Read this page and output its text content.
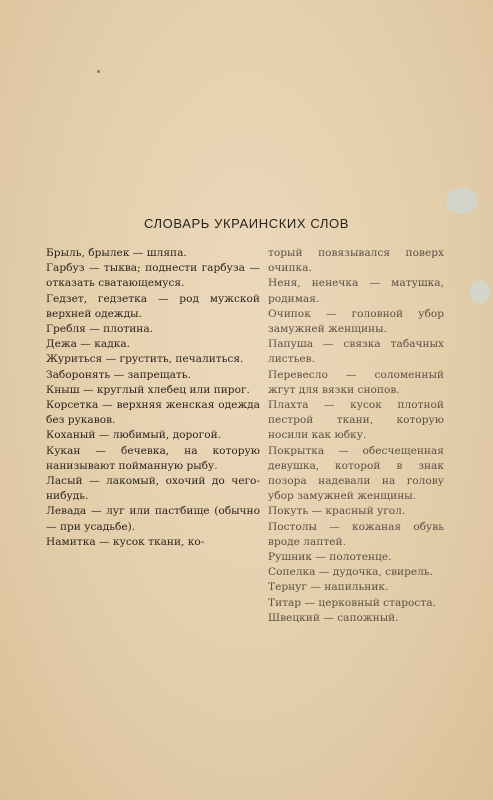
СЛОВАРЬ УКРАИНСКИХ СЛОВ
Брыль, брылек — шляпа.
Гарбуз — тыква; поднести гарбуза — отказать сватающемуся.
Гедзет, гедзетка — род мужской верхней одежды.
Гребля — плотина.
Дежа — кадка.
Журиться — грустить, печалиться.
Заборонять — запрещать.
Кныш — круглый хлебец или пирог.
Корсетка — верхняя женская одежда без рукавов.
Коханый — любимый, дорогой.
Кукан — бечевка, на которую нанизывают пойманную рыбу.
Ласый — лакомый, охочий до чего-нибудь.
Левада — луг или пастбище (обычно — при усадьбе).
Намитка — кусок ткани, ко-
торый повязывался поверх очипка.
Неня, ненечка — матушка, родимая.
Очипок — головной убор замужней женщины.
Папуша — связка табачных листьев.
Перевесло — соломенный жгут для вязки снопов.
Плахта — кусок плотной пестрой ткани, которую носили как юбку.
Покрытка — обесчещенная девушка, которой в знак позора надевали на голову убор замужней женщины.
Покуть — красный угол.
Постолы — кожаная обувь вроде лаптей.
Рушник — полотенце.
Сопелка — дудочка, свирель.
Тернуг — напильник.
Титар — церковный староста.
Швецкий — сапожный.
